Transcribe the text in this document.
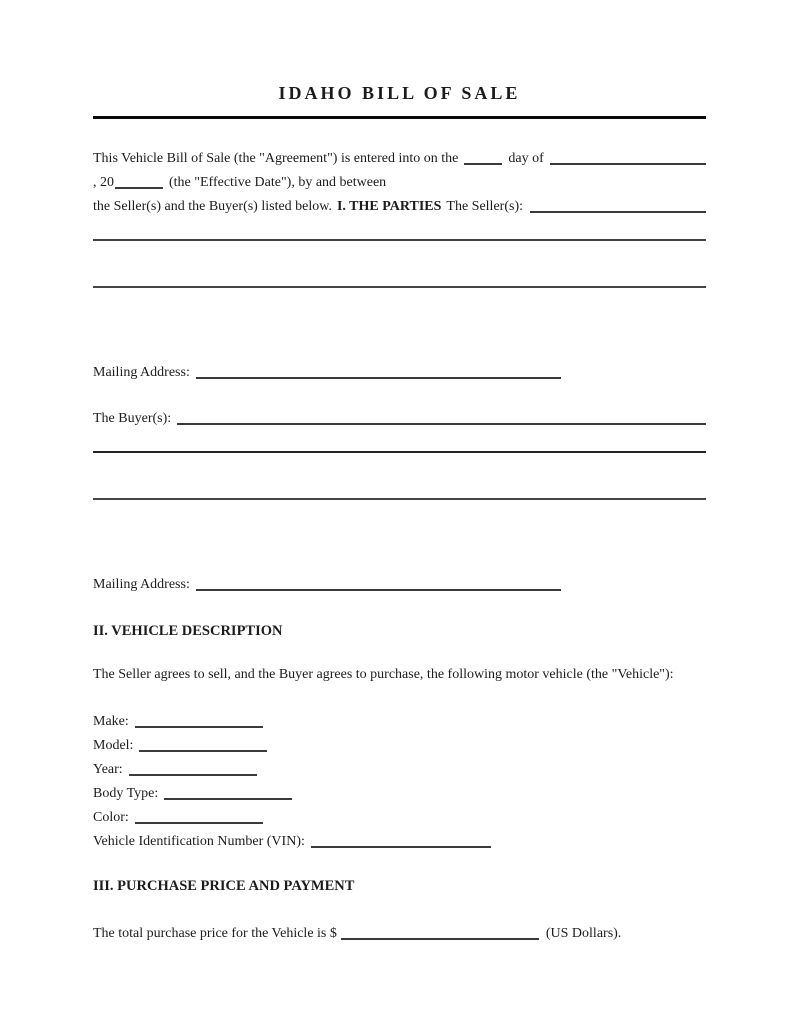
IDAHO BILL OF SALE
This Vehicle Bill of Sale (the "Agreement") is entered into on the	day of
, 20	(the "Effective Date"), by and between
the Seller(s) and the Buyer(s) listed below. I. THE PARTIES The Seller(s):
Mailing Address:
The Buyer(s):
Mailing Address:
II. VEHICLE DESCRIPTION
The Seller agrees to sell, and the Buyer agrees to purchase, the following motor vehicle (the "Vehicle"):
Make:
Model:
Year:
Body Type:
Color:
Vehicle Identification Number (VIN):
III. PURCHASE PRICE AND PAYMENT
The total purchase price for the Vehicle is $	(US Dollars).
